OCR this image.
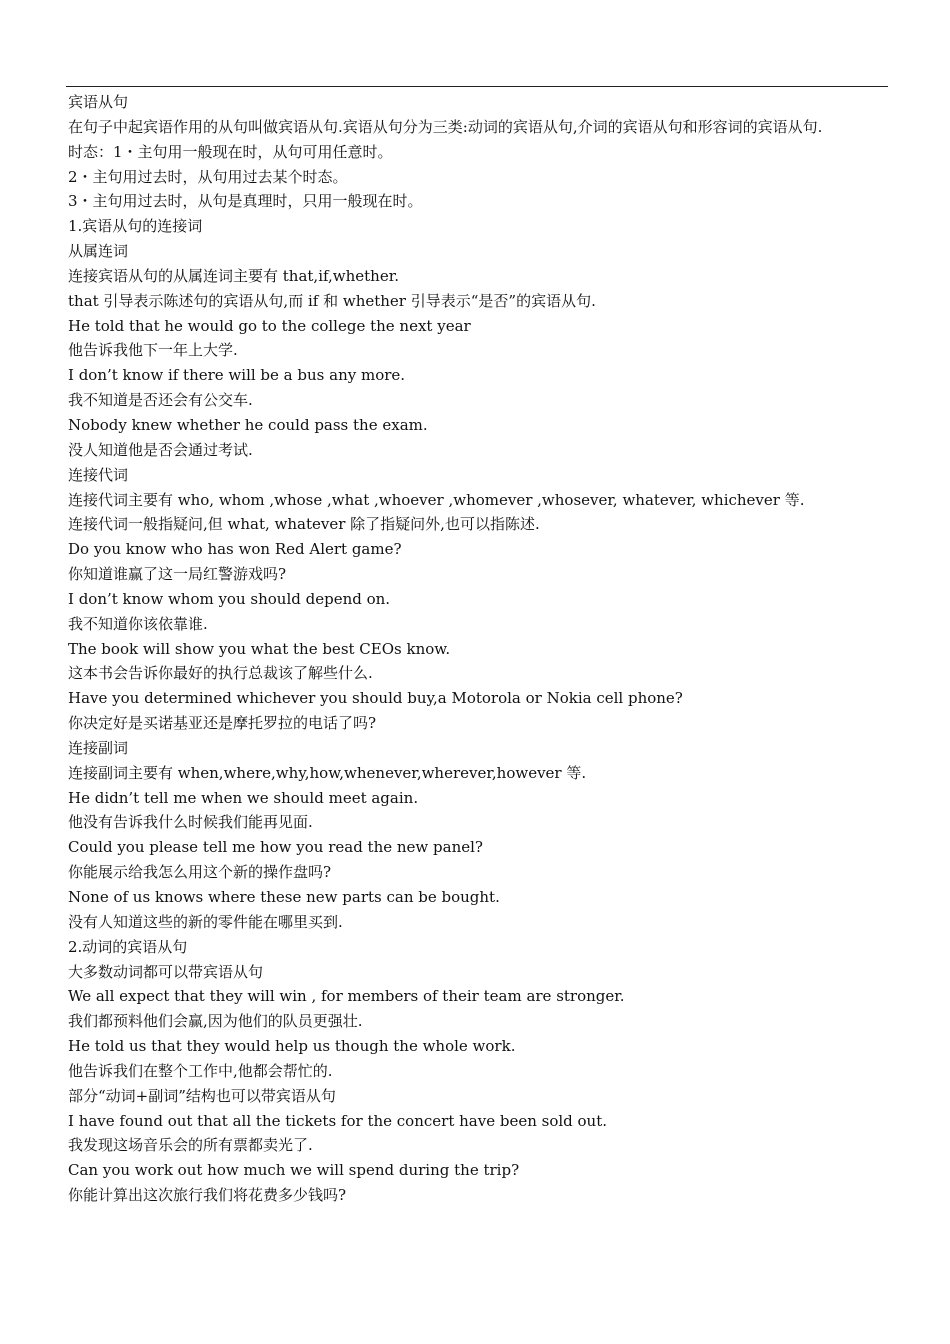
宾语从句
在句子中起宾语作用的从句叫做宾语从句.宾语从句分为三类:动词的宾语从句,介词的宾语从句和形容词的宾语从句.
时态：1・主句用一般现在时，从句可用任意时。
2・主句用过去时，从句用过去某个时态。
3・主句用过去时，从句是真理时，只用一般现在时。
1.宾语从句的连接词
从属连词
连接宾语从句的从属连词主要有 that,if,whether.
that 引导表示陈述句的宾语从句,而 if 和 whether 引导表示“是否”的宾语从句.
He told that he would go to the college the next year
他告诉我他下一年上大学.
I don’t know if there will be a bus any more.
我不知道是否还会有公交车.
Nobody knew whether he could pass the exam.
没人知道他是否会通过考试.
连接代词
连接代词主要有 who, whom ,whose ,what ,whoever ,whomever ,whosever, whatever, whichever 等.
连接代词一般指疑问,但 what, whatever 除了指疑问外,也可以指陈述.
Do you know who has won Red Alert game?
你知道谁赢了这一局红警游戏吗?
I don’t know whom you should depend on.
我不知道你该依靠谁.
The book will show you what the best CEOs know.
这本书会告诉你最好的执行总裁该了解些什么.
Have you determined whichever you should buy,a Motorola or Nokia cell phone?
你决定好是买诺基亚还是摩托罗拉的电话了吗?
连接副词
连接副词主要有 when,where,why,how,whenever,wherever,however 等.
He didn’t tell me when we should meet again.
他没有告诉我什么时候我们能再见面.
Could you please tell me how you read the new panel?
你能展示给我怎么用这个新的操作盘吗?
None of us knows where these new parts can be bought.
没有人知道这些的新的零件能在哪里买到.
2.动词的宾语从句
大多数动词都可以带宾语从句
We all expect that they will win , for members of their team are stronger.
我们都预料他们会赢,因为他们的队员更强壮.
He told us that they would help us though the whole work.
他告诉我们在整个工作中,他都会帮忙的.
部分“动词+副词”结构也可以带宾语从句
I have found out that all the tickets for the concert have been sold out.
我发现这场音乐会的所有票都卖光了.
Can you work out how much we will spend during the trip?
你能计算出这次旅行我们将花费多少钱吗?
